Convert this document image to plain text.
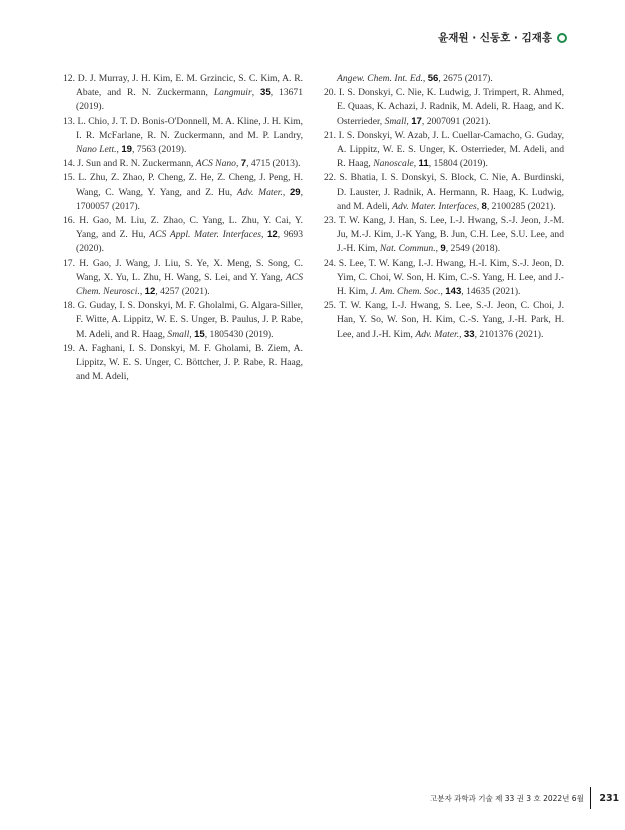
윤재원 · 신동호 · 김재홍

12. D. J. Murray, J. H. Kim, E. M. Grzincic, S. C. Kim, A. R. Abate, and R. N. Zuckermann, Langmuir, 35, 13671 (2019).

13. L. Chio, J. T. D. Bonis-O'Donnell, M. A. Kline, J. H. Kim, I. R. McFarlane, R. N. Zuckermann, and M. P. Landry, Nano Lett., 19, 7563 (2019).

14. J. Sun and R. N. Zuckermann, ACS Nano, 7, 4715 (2013).

15. L. Zhu, Z. Zhao, P. Cheng, Z. He, Z. Cheng, J. Peng, H. Wang, C. Wang, Y. Yang, and Z. Hu, Adv. Mater., 29, 1700057 (2017).

16. H. Gao, M. Liu, Z. Zhao, C. Yang, L. Zhu, Y. Cai, Y. Yang, and Z. Hu, ACS Appl. Mater. Interfaces, 12, 9693 (2020).

17. H. Gao, J. Wang, J. Liu, S. Ye, X. Meng, S. Song, C. Wang, X. Yu, L. Zhu, H. Wang, S. Lei, and Y. Yang, ACS Chem. Neurosci., 12, 4257 (2021).

18. G. Guday, I. S. Donskyi, M. F. Gholalmi, G. Algara-Siller, F. Witte, A. Lippitz, W. E. S. Unger, B. Paulus, J. P. Rabe, M. Adeli, and R. Haag, Small, 15, 1805430 (2019).

19. A. Faghani, I. S. Donskyi, M. F. Gholami, B. Ziem, A. Lippitz, W. E. S. Unger, C. Böttcher, J. P. Rabe, R. Haag, and M. Adeli,

Angew. Chem. Int. Ed., 56, 2675 (2017).

20. I. S. Donskyi, C. Nie, K. Ludwig, J. Trimpert, R. Ahmed, E. Quaas, K. Achazi, J. Radnik, M. Adeli, R. Haag, and K. Osterrieder, Small, 17, 2007091 (2021).

21. I. S. Donskyi, W. Azab, J. L. Cuellar-Camacho, G. Guday, A. Lippitz, W. E. S. Unger, K. Osterrieder, M. Adeli, and R. Haag, Nanoscale, 11, 15804 (2019).

22. S. Bhatia, I. S. Donskyi, S. Block, C. Nie, A. Burdinski, D. Lauster, J. Radnik, A. Hermann, R. Haag, K. Ludwig, and M. Adeli, Adv. Mater. Interfaces, 8, 2100285 (2021).

23. T. W. Kang, J. Han, S. Lee, I.-J. Hwang, S.-J. Jeon, J.-M. Ju, M.-J. Kim, J.-K Yang, B. Jun, C.H. Lee, S.U. Lee, and J.-H. Kim, Nat. Commun., 9, 2549 (2018).

24. S. Lee, T. W. Kang, I.-J. Hwang, H.-I. Kim, S.-J. Jeon, D. Yim, C. Choi, W. Son, H. Kim, C.-S. Yang, H. Lee, and J.-H. Kim, J. Am. Chem. Soc., 143, 14635 (2021).

25. T. W. Kang, I.-J. Hwang, S. Lee, S.-J. Jeon, C. Choi, J. Han, Y. So, W. Son, H. Kim, C.-S. Yang, J.-H. Park, H. Lee, and J.-H. Kim, Adv. Mater., 33, 2101376 (2021).

고분자 과학과 기술 제 33 권 3 호 2022년 6월 231
